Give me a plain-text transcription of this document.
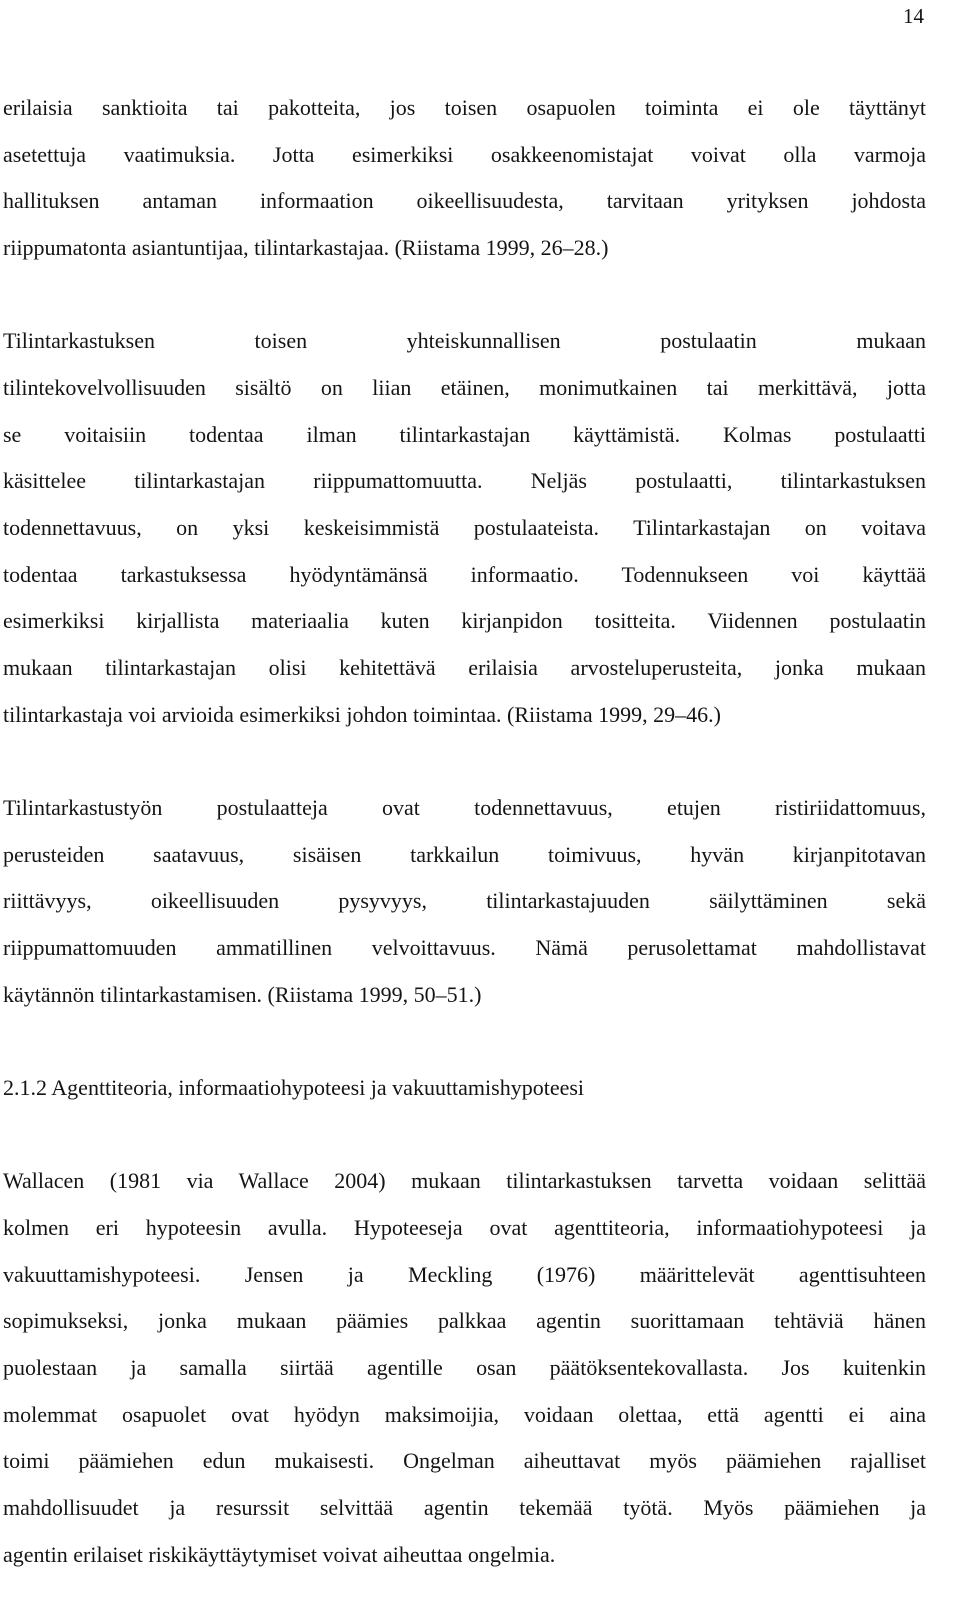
14
erilaisia sanktioita tai pakotteita, jos toisen osapuolen toiminta ei ole täyttänyt
asetettuja vaatimuksia. Jotta esimerkiksi osakkeenomistajat voivat olla varmoja
hallituksen antaman informaation oikeellisuudesta, tarvitaan yrityksen johdosta
riippumatonta asiantuntijaa, tilintarkastajaa. (Riistama 1999, 26–28.)
Tilintarkastuksen toisen yhteiskunnallisen postulaatin mukaan
tilintekovelvollisuuden sisältö on liian etäinen, monimutkainen tai merkittävä, jotta
se voitaisiin todentaa ilman tilintarkastajan käyttämistä. Kolmas postulaatti
käsittelee tilintarkastajan riippumattomuutta. Neljäs postulaatti, tilintarkastuksen
todennettavuus, on yksi keskeisimmistä postulaateista. Tilintarkastajan on voitava
todentaa tarkastuksessa hyödyntämänsä informaatio. Todennukseen voi käyttää
esimerkiksi kirjallista materiaalia kuten kirjanpidon tositteita. Viidennen postulaatin
mukaan tilintarkastajan olisi kehitettävä erilaisia arvosteluperusteita, jonka mukaan
tilintarkastaja voi arvioida esimerkiksi johdon toimintaa. (Riistama 1999, 29–46.)
Tilintarkastustyön postulaatteja ovat todennettavuus, etujen ristiriidattomuus,
perusteiden saatavuus, sisäisen tarkkailun toimivuus, hyvän kirjanpitotavan
riittävyys, oikeellisuuden pysyvyys, tilintarkastajuuden säilyttäminen sekä
riippumattomuuden ammatillinen velvoittavuus. Nämä perusolettamat mahdollistavat
käytännön tilintarkastamisen. (Riistama 1999, 50–51.)
2.1.2 Agenttiteoria, informaatiohypoteesi ja vakuuttamishypoteesi
Wallacen (1981 via Wallace 2004) mukaan tilintarkastuksen tarvetta voidaan selittää
kolmen eri hypoteesin avulla. Hypoteeseja ovat agenttiteoria, informaatiohypoteesi ja
vakuuttamishypoteesi. Jensen ja Meckling (1976) määrittelevät agenttisuhteen
sopimukseksi, jonka mukaan päämies palkkaa agentin suorittamaan tehtäviä hänen
puolestaan ja samalla siirtää agentille osan päätöksentekovallasta. Jos kuitenkin
molemmat osapuolet ovat hyödyn maksimoijia, voidaan olettaa, että agentti ei aina
toimi päämiehen edun mukaisesti. Ongelman aiheuttavat myös päämiehen rajalliset
mahdollisuudet ja resurssit selvittää agentin tekemää työtä. Myös päämiehen ja
agentin erilaiset riskikäyttäytymiset voivat aiheuttaa ongelmia.
